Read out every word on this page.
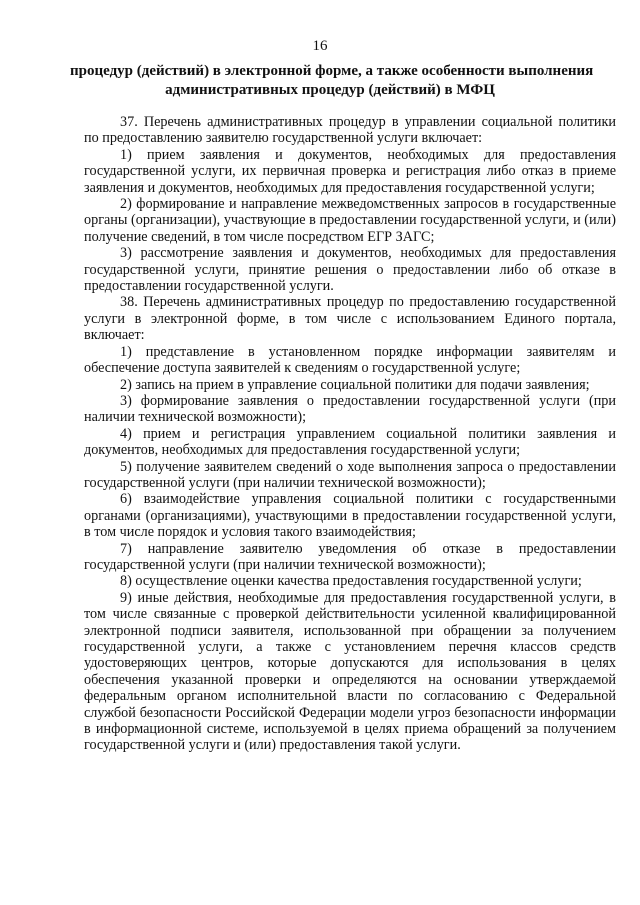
16
процедур (действий) в электронной форме, а также особенности выполнения
административных процедур (действий) в МФЦ

37. Перечень административных процедур в управлении социальной политики по предоставлению заявителю государственной услуги включает:

1) прием заявления и документов, необходимых для предоставления государственной услуги, их первичная проверка и регистрация либо отказ в приеме заявления и документов, необходимых для предоставления государственной услуги;

2) формирование и направление межведомственных запросов в государственные органы (организации), участвующие в предоставлении государственной услуги, и (или) получение сведений, в том числе посредством ЕГР ЗАГС;

3) рассмотрение заявления и документов, необходимых для предоставления государственной услуги, принятие решения о предоставлении либо об отказе в предоставлении государственной услуги.

38. Перечень административных процедур по предоставлению государственной услуги в электронной форме, в том числе с использованием Единого портала, включает:

1) представление в установленном порядке информации заявителям и обеспечение доступа заявителей к сведениям о государственной услуге;

2) запись на прием в управление социальной политики для подачи заявления;

3) формирование заявления о предоставлении государственной услуги (при наличии технической возможности);

4) прием и регистрация управлением социальной политики заявления и документов, необходимых для предоставления государственной услуги;

5) получение заявителем сведений о ходе выполнения запроса о предоставлении государственной услуги (при наличии технической возможности);

6) взаимодействие управления социальной политики с государственными органами (организациями), участвующими в предоставлении государственной услуги, в том числе порядок и условия такого взаимодействия;

7) направление заявителю уведомления об отказе в предоставлении государственной услуги (при наличии технической возможности);

8) осуществление оценки качества предоставления государственной услуги;

9) иные действия, необходимые для предоставления государственной услуги, в том числе связанные с проверкой действительности усиленной квалифицированной электронной подписи заявителя, использованной при обращении за получением государственной услуги, а также с установлением перечня классов средств удостоверяющих центров, которые допускаются для использования в целях обеспечения указанной проверки и определяются на основании утверждаемой федеральным органом исполнительной власти по согласованию с Федеральной службой безопасности Российской Федерации модели угроз безопасности информации в информационной системе, используемой в целях приема обращений за получением государственной услуги и (или) предоставления такой услуги.
